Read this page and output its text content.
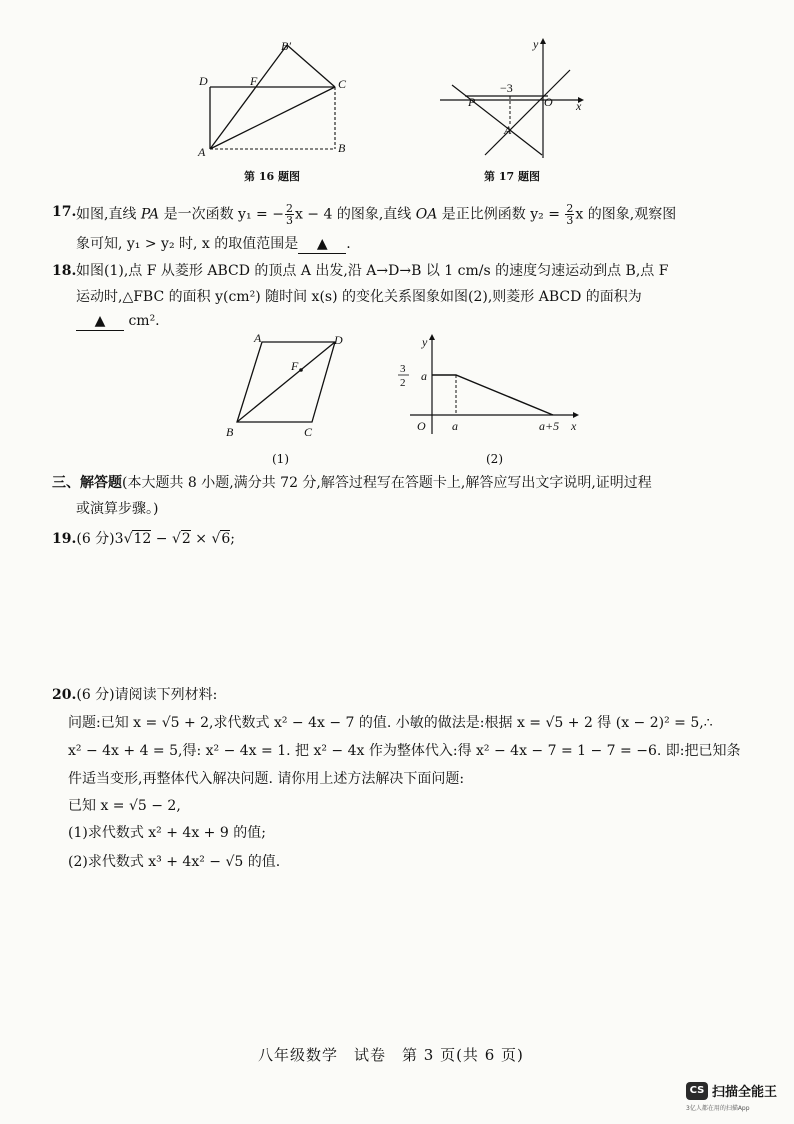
B′
D	F	C
A	B
第 16 题图
y
−3
P	O x
A
第 17 题图
17. 如图,直线 PA 是一次函数 y₁ = − $\frac{2}{3}$ x − 4 的图象,直线 OA 是正比例函数 $y_2 = \frac{2}{3}$ x 的图象,观察图
象可知, y₁ > y₂ 时, x 的取值范围是 ▲ .
18. 如图(1),点 F 从菱形 ABCD 的顶点 A 出发,沿 A→D→B 以 1 cm/s 的速度匀速运动到点 B,点 F
运动时,△FBC 的面积 y(cm²) 随时间 x(s) 的变化关系图象如图(2),则菱形 ABCD 的面积为
▲ cm².
A	D
F
B	C
(1)
y
3
2 a
O a	a+5 x
(2)
三、解答题(本大题共 8 小题,满分共 72 分,解答过程写在答题卡上,解答应写出文字说明,证明过程
或演算步骤。)
19.(6 分)3√12 − √2 × √6;
20.(6 分)请阅读下列材料:
问题:已知 x = √5 + 2,求代数式 x² − 4x − 7 的值. 小敏的做法是:根据 x = √5 + 2 得 (x − 2)² = 5,∴
x² − 4x + 4 = 5,得: x² − 4x = 1. 把 x² − 4x 作为整体代入:得 x² − 4x − 7 = 1 − 7 = −6. 即:把已知条
件适当变形,再整体代入解决问题. 请你用上述方法解决下面问题:
已知 x = √5 − 2,
(1)求代数式 x² + 4x + 9 的值;
(2)求代数式 x³ + 4x² − √5 的值.
八年级数学　试卷　第 3 页(共 6 页)
CS 扫描全能王
3亿人都在用的扫描App
